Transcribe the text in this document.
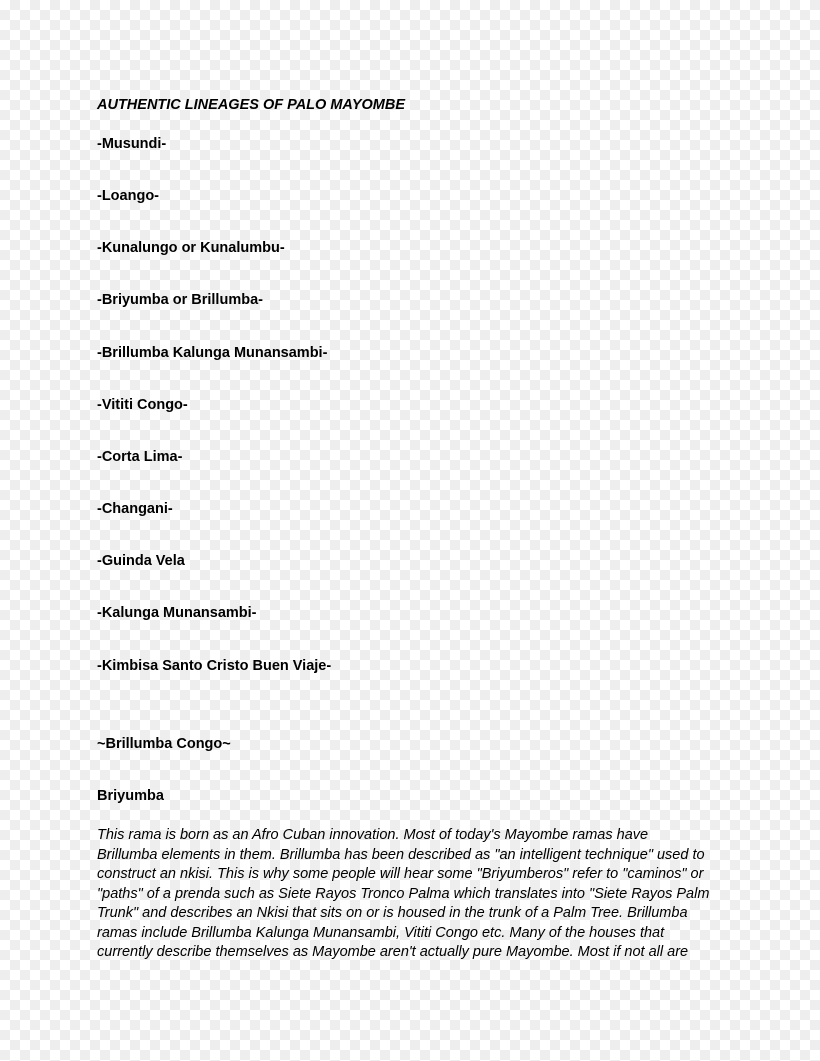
AUTHENTIC LINEAGES OF PALO MAYOMBE
-Musundi-
-Loango-
-Kunalungo or Kunalumbu-
-Briyumba or Brillumba-
-Brillumba Kalunga Munansambi-
-Vititi Congo-
-Corta Lima-
-Changani-
-Guinda Vela
-Kalunga Munansambi-
-Kimbisa Santo Cristo Buen Viaje-
~Brillumba Congo~
Briyumba
This rama is born as an Afro Cuban innovation. Most of today's Mayombe ramas have
Brillumba elements in them. Brillumba has been described as "an intelligent technique" used to
construct an nkisi. This is why some people will hear some "Briyumberos" refer to "caminos" or
"paths" of a prenda such as Siete Rayos Tronco Palma which translates into "Siete Rayos Palm
Trunk" and describes an Nkisi that sits on or is housed in the trunk of a Palm Tree. Brillumba
ramas include Brillumba Kalunga Munansambi, Vititi Congo etc. Many of the houses that
currently describe themselves as Mayombe aren't actually pure Mayombe. Most if not all are
